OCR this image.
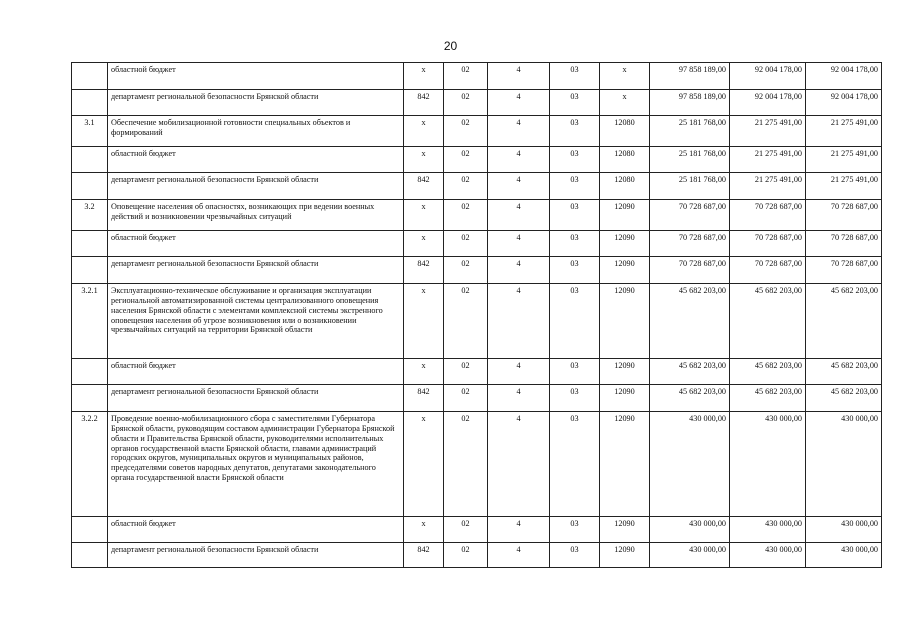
20
	областной бюджет	x	02	4	03	x	97 858 189,00	92 004 178,00	92 004 178,00
	департамент региональной безопасности Брянской области	842	02	4	03	x	97 858 189,00	92 004 178,00	92 004 178,00
3.1	Обеспечение мобилизационной готовности специальных объектов и формирований	x	02	4	03	12080	25 181 768,00	21 275 491,00	21 275 491,00
	областной бюджет	x	02	4	03	12080	25 181 768,00	21 275 491,00	21 275 491,00
	департамент региональной безопасности Брянской области	842	02	4	03	12080	25 181 768,00	21 275 491,00	21 275 491,00
3.2	Оповещение населения об опасностях, возникающих при ведении военных действий и возникновении чрезвычайных ситуаций	x	02	4	03	12090	70 728 687,00	70 728 687,00	70 728 687,00
	областной бюджет	x	02	4	03	12090	70 728 687,00	70 728 687,00	70 728 687,00
	департамент региональной безопасности Брянской области	842	02	4	03	12090	70 728 687,00	70 728 687,00	70 728 687,00
3.2.1	Эксплуатационно-техническое обслуживание и организация эксплуатации региональной автоматизированной системы централизованного оповещения населения Брянской области с элементами комплексной системы экстренного оповещения населения об угрозе возникновения или о возникновении чрезвычайных ситуаций на территории Брянской области	x	02	4	03	12090	45 682 203,00	45 682 203,00	45 682 203,00
	областной бюджет	x	02	4	03	12090	45 682 203,00	45 682 203,00	45 682 203,00
	департамент региональной безопасности Брянской области	842	02	4	03	12090	45 682 203,00	45 682 203,00	45 682 203,00
3.2.2	Проведение военно-мобилизационного сбора с заместителями Губернатора Брянской области, руководящим составом администрации Губернатора Брянской области и Правительства Брянской области, руководителями исполнительных органов государственной власти Брянской области, главами администраций городских округов, муниципальных округов и муниципальных районов, председателями советов народных депутатов, депутатами законодательного органа государственной власти Брянской области	x	02	4	03	12090	430 000,00	430 000,00	430 000,00
	областной бюджет	x	02	4	03	12090	430 000,00	430 000,00	430 000,00
	департамент региональной безопасности Брянской области	842	02	4	03	12090	430 000,00	430 000,00	430 000,00
